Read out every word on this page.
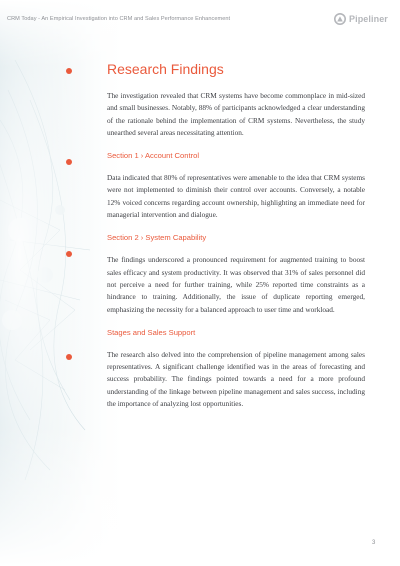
CRM Today - An Empirical Investigation into CRM and Sales Performance Enhancement	Pipeliner
Research Findings

The investigation revealed that CRM systems have become commonplace in mid-sized and small businesses. Notably, 88% of participants acknowledged a clear understanding of the rationale behind the implementation of CRM systems. Nevertheless, the study unearthed several areas necessitating attention.

Section 1 › Account Control

Data indicated that 80% of representatives were amenable to the idea that CRM systems were not implemented to diminish their control over accounts. Conversely, a notable 12% voiced concerns regarding account ownership, highlighting an immediate need for managerial intervention and dialogue.

Section 2 › System Capability

The findings underscored a pronounced requirement for augmented training to boost sales efficacy and system productivity. It was observed that 31% of sales personnel did not perceive a need for further training, while 25% reported time constraints as a hindrance to training. Additionally, the issue of duplicate reporting emerged, emphasizing the necessity for a balanced approach to user time and workload.

Stages and Sales Support

The research also delved into the comprehension of pipeline management among sales representatives. A significant challenge identified was in the areas of forecasting and success probability. The findings pointed towards a need for a more profound understanding of the linkage between pipeline management and sales success, including the importance of analyzing lost opportunities.

3
